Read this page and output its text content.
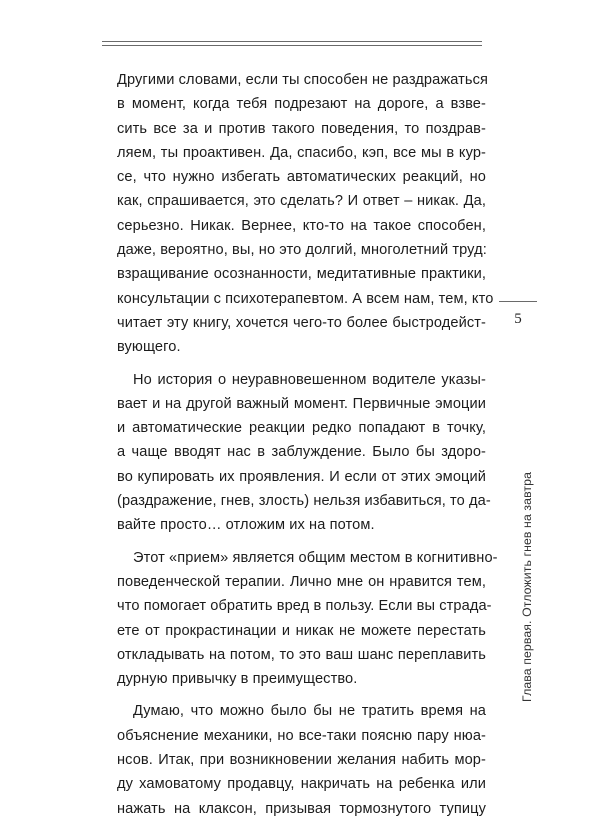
Другими словами, если ты способен не раздражаться
в момент, когда тебя подрезают на дороге, а взве-
сить все за и против такого поведения, то поздрав-
ляем, ты проактивен. Да, спасибо, кэп, все мы в кур-
се, что нужно избегать автоматических реакций, но
как, спрашивается, это сделать? И ответ – никак. Да,
серьезно. Никак. Вернее, кто-то на такое способен,
даже, вероятно, вы, но это долгий, многолетний труд:
взращивание осознанности, медитативные практики,
консультации с психотерапевтом. А всем нам, тем, кто
читает эту книгу, хочется чего-то более быстродейст-
вующего.

Но история о неуравновешенном водителе указы-
вает и на другой важный момент. Первичные эмоции
и автоматические реакции редко попадают в точку,
а чаще вводят нас в заблуждение. Было бы здоро-
во купировать их проявления. И если от этих эмоций
(раздражение, гнев, злость) нельзя избавиться, то да-
вайте просто… отложим их на потом.

Этот «прием» является общим местом в когнитивно-
поведенческой терапии. Лично мне он нравится тем,
что помогает обратить вред в пользу. Если вы страда-
ете от прокрастинации и никак не можете перестать
откладывать на потом, то это ваш шанс переплавить
дурную привычку в преимущество.

Думаю, что можно было бы не тратить время на
объяснение механики, но все-таки поясню пару нюа-
нсов. Итак, при возникновении желания набить мор-
ду хамоватому продавцу, накричать на ребенка или
нажать на клаксон, призывая тормознутого тупицу

5
Глава первая. Отложить гнев на завтра
